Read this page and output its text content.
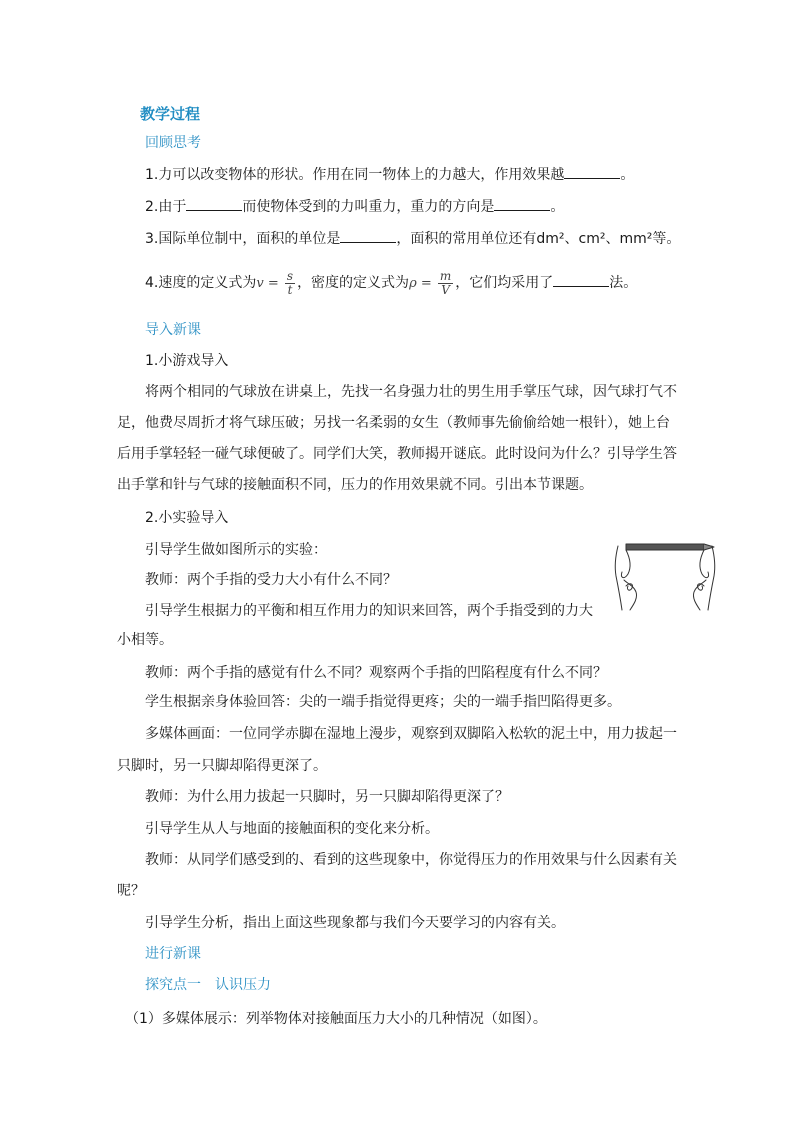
教学过程
回顾思考
1.力可以改变物体的形状。作用在同一物体上的力越大，作用效果越	。
2.由于	而使物体受到的力叫重力，重力的方向是	。
3.国际单位制中，面积的单位是	，面积的常用单位还有dm²、cm²、mm²等。
4.速度的定义式为$v = \frac{s}{t}$ ，密度的定义式为$\rho = \frac{m}{V}$ ，它们均采用了	法。
导入新课
1.小游戏导入
将两个相同的气球放在讲桌上，先找一名身强力壮的男生用手掌压气球，因气球打气不
足，他费尽周折才将气球压破；另找一名柔弱的女生（教师事先偷偷给她一根针），她上台
后用手掌轻轻一碰气球便破了。同学们大笑，教师揭开谜底。此时设问为什么？引导学生答
出手掌和针与气球的接触面积不同，压力的作用效果就不同。引出本节课题。
2.小实验导入
引导学生做如图所示的实验：
教师：两个手指的受力大小有什么不同？
引导学生根据力的平衡和相互作用力的知识来回答，两个手指受到的力大
小相等。
教师：两个手指的感觉有什么不同？观察两个手指的凹陷程度有什么不同？
学生根据亲身体验回答：尖的一端手指觉得更疼；尖的一端手指凹陷得更多。
多媒体画面：一位同学赤脚在湿地上漫步，观察到双脚陷入松软的泥土中，用力拔起一
只脚时，另一只脚却陷得更深了。
教师：为什么用力拔起一只脚时，另一只脚却陷得更深了？
引导学生从人与地面的接触面积的变化来分析。
教师：从同学们感受到的、看到的这些现象中，你觉得压力的作用效果与什么因素有关
呢？
引导学生分析，指出上面这些现象都与我们今天要学习的内容有关。
进行新课
探究点一　认识压力
（1）多媒体展示：列举物体对接触面压力大小的几种情况（如图）。
